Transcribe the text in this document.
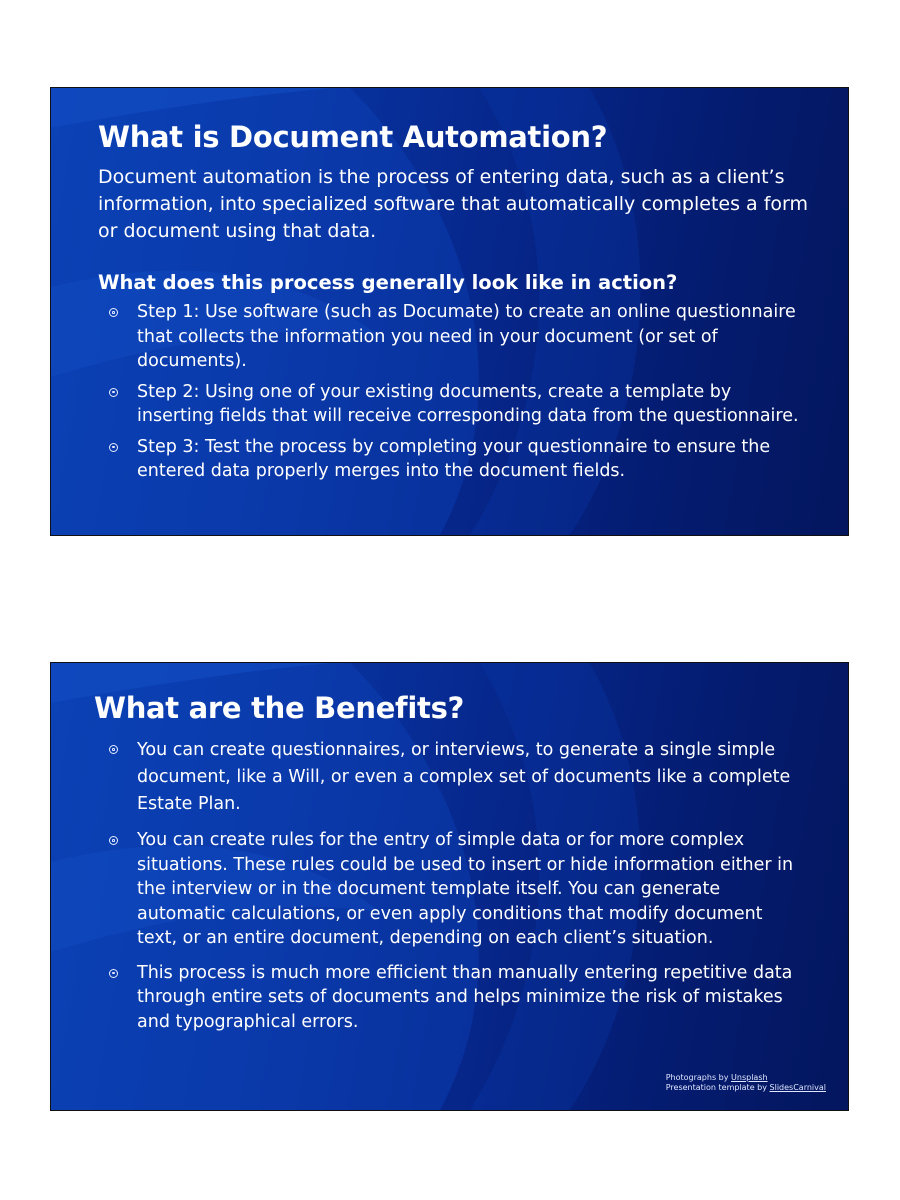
What is Document Automation?

Document automation is the process of entering data, such as a client’s information, into specialized software that automatically completes a form or document using that data.

What does this process generally look like in action?
Step 1: Use software (such as Documate) to create an online questionnaire that collects the information you need in your document (or set of documents).
Step 2: Using one of your existing documents, create a template by inserting fields that will receive corresponding data from the questionnaire.
Step 3: Test the process by completing your questionnaire to ensure the entered data properly merges into the document fields.
What are the Benefits?
You can create questionnaires, or interviews, to generate a single simple document, like a Will, or even a complex set of documents like a complete Estate Plan.
You can create rules for the entry of simple data or for more complex situations. These rules could be used to insert or hide information either in the interview or in the document template itself. You can generate automatic calculations, or even apply conditions that modify document text, or an entire document, depending on each client’s situation.
This process is much more efficient than manually entering repetitive data through entire sets of documents and helps minimize the risk of mistakes and typographical errors.
Photographs by Unsplash
Presentation template by SlidesCarnival
